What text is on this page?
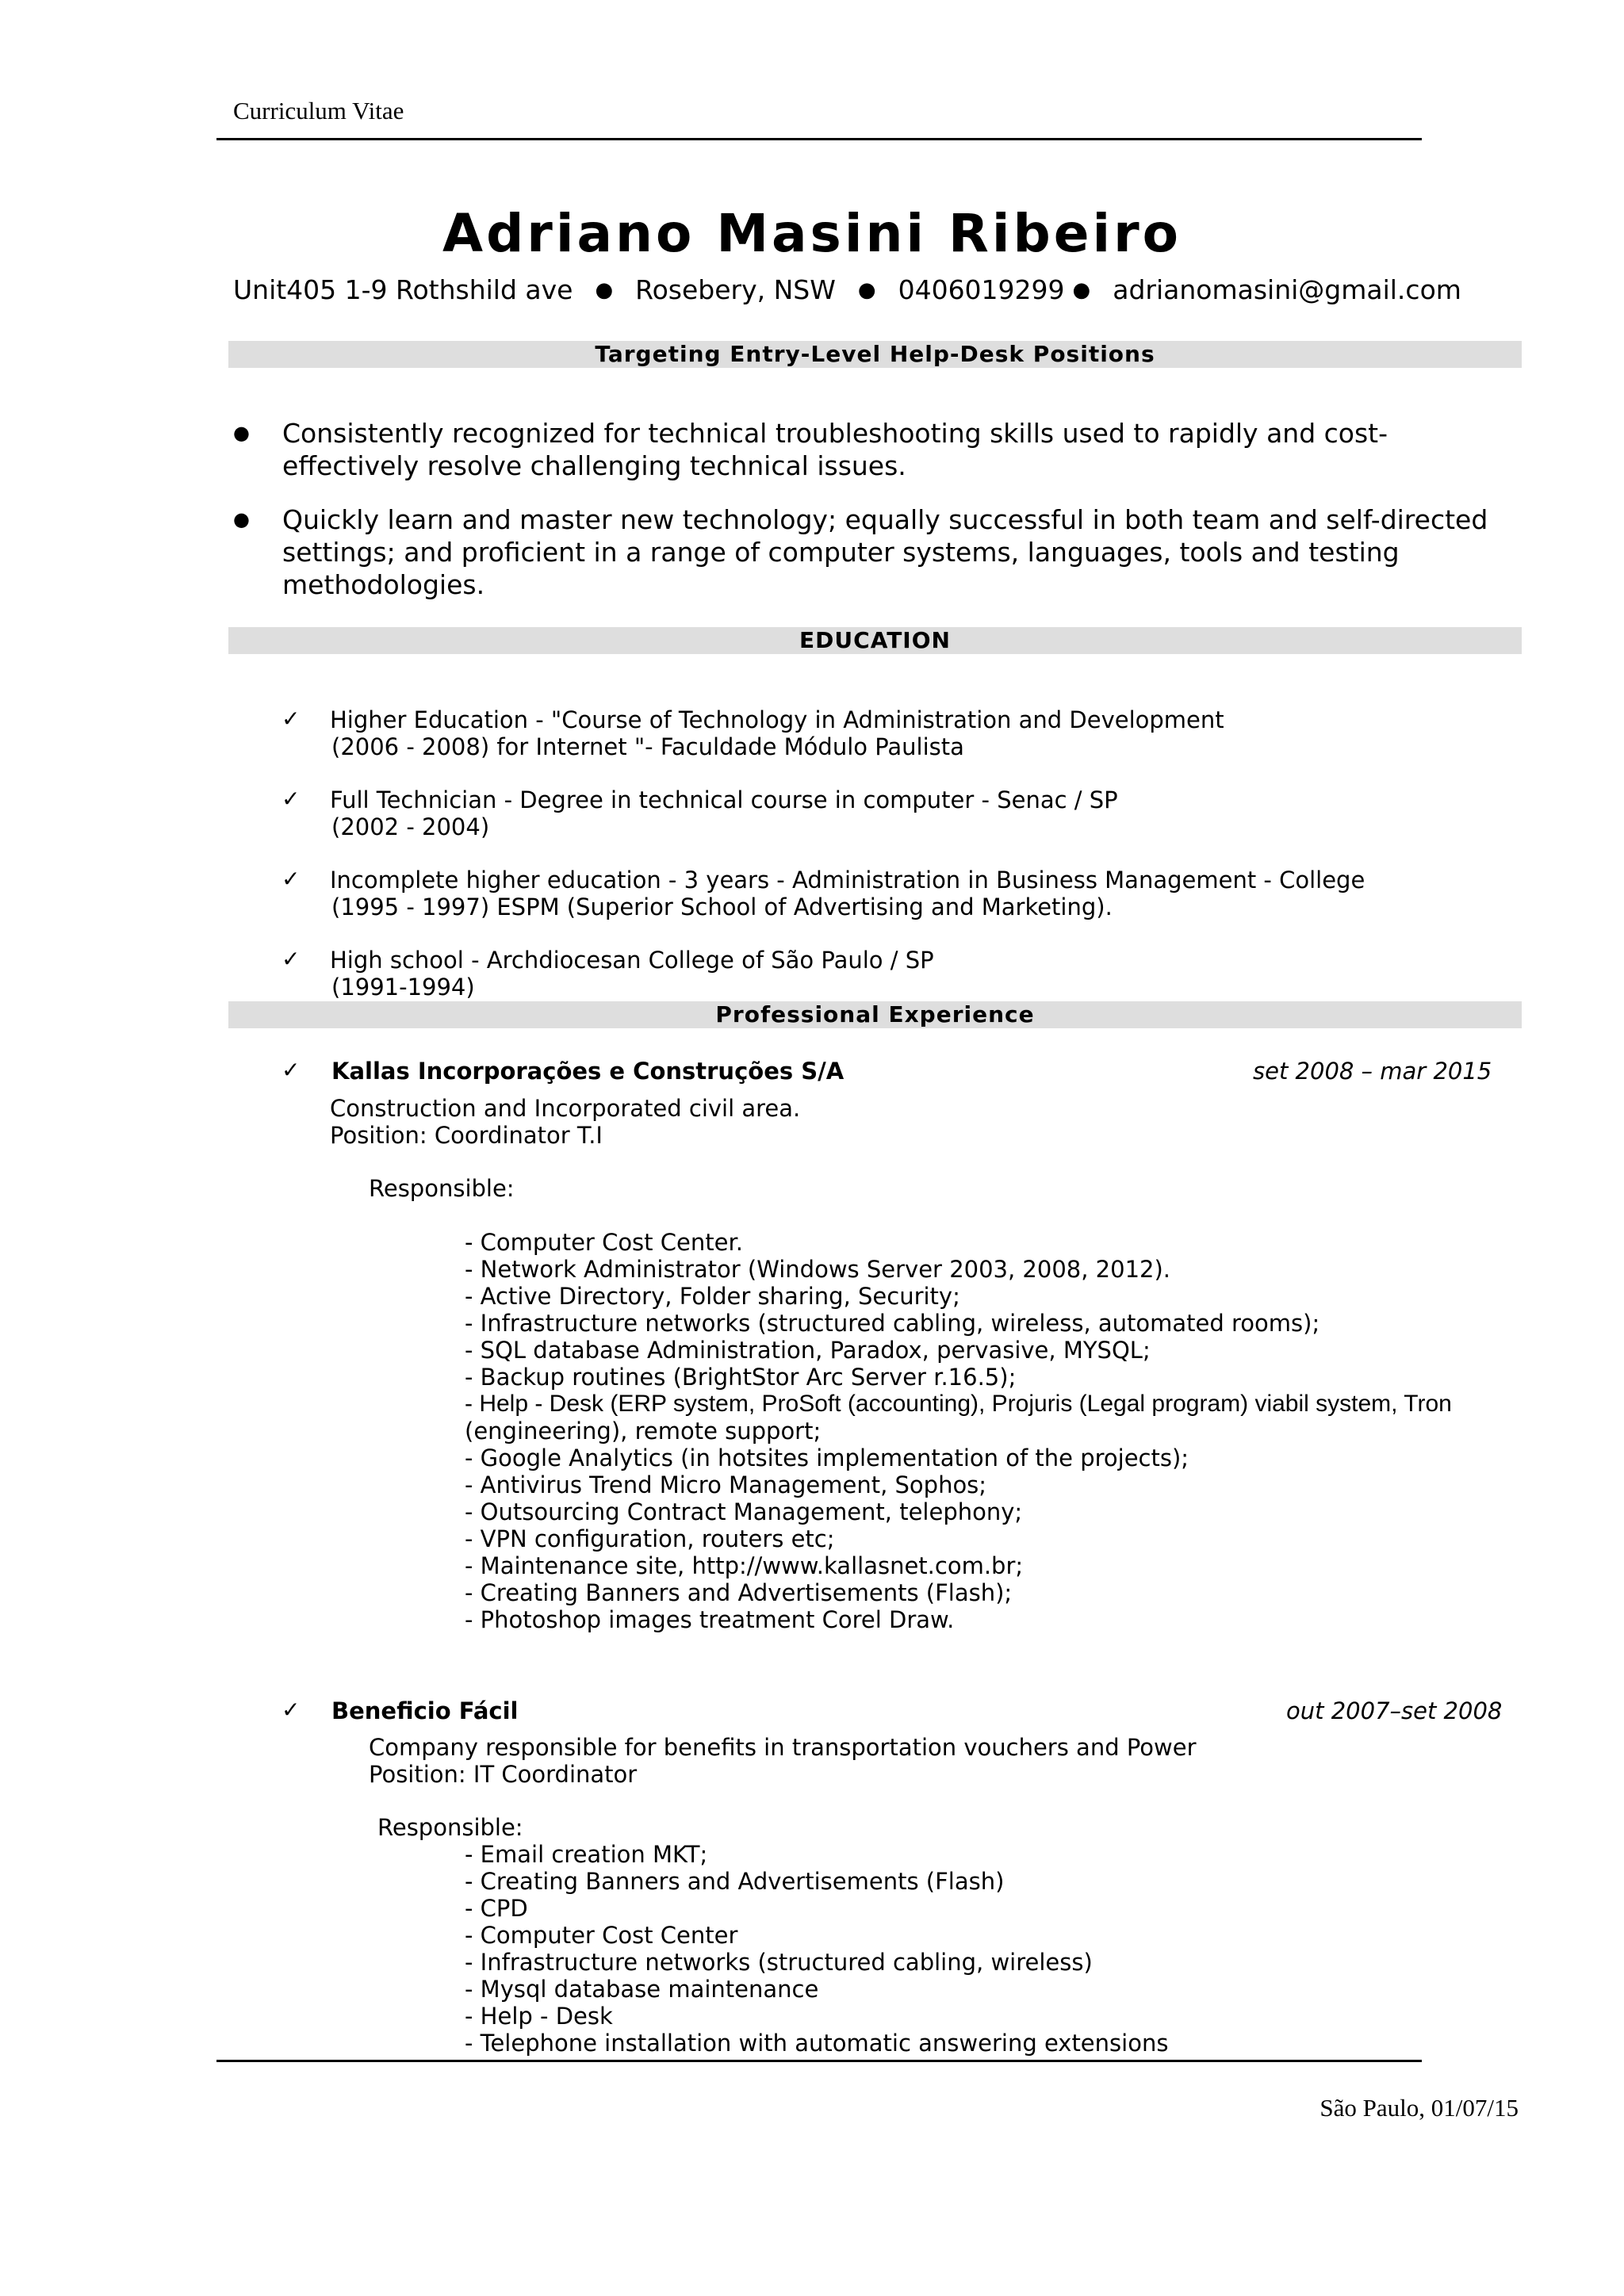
Curriculum Vitae
Adriano Masini Ribeiro
Unit405 1-9 Rothshild ave ● Rosebery, NSW ● 0406019299 ● adrianomasini@gmail.com
Targeting Entry-Level Help-Desk Positions
● Consistently recognized for technical troubleshooting skills used to rapidly and cost-effectively resolve challenging technical issues.
● Quickly learn and master new technology; equally successful in both team and self-directed settings; and proficient in a range of computer systems, languages, tools and testing methodologies.
EDUCATION
✓ Higher Education - "Course of Technology in Administration and Development
(2006 - 2008) for Internet "- Faculdade Módulo Paulista
✓ Full Technician - Degree in technical course in computer - Senac / SP
(2002 - 2004)
✓ Incomplete higher education - 3 years - Administration in Business Management - College
(1995 - 1997) ESPM (Superior School of Advertising and Marketing).
✓ High school - Archdiocesan College of São Paulo / SP
(1991-1994)
Professional Experience
✓ Kallas Incorporações e Construções S/A	set 2008 – mar 2015
Construction and Incorporated civil area.
Position: Coordinator T.I
Responsible:
- Computer Cost Center.
- Network Administrator (Windows Server 2003, 2008, 2012).
- Active Directory, Folder sharing, Security;
- Infrastructure networks (structured cabling, wireless, automated rooms);
- SQL database Administration, Paradox, pervasive, MYSQL;
- Backup routines (BrightStor Arc Server r.16.5);
- Help - Desk (ERP system, ProSoft (accounting), Projuris (Legal program) viabil system, Tron
(engineering), remote support;
- Google Analytics (in hotsites implementation of the projects);
- Antivirus Trend Micro Management, Sophos;
- Outsourcing Contract Management, telephony;
- VPN configuration, routers etc;
- Maintenance site, http://www.kallasnet.com.br;
- Creating Banners and Advertisements (Flash);
- Photoshop images treatment Corel Draw.
✓ Beneficio Fácil	out 2007–set 2008
Company responsible for benefits in transportation vouchers and Power
Position: IT Coordinator
Responsible:
- Email creation MKT;
- Creating Banners and Advertisements (Flash)
- CPD
- Computer Cost Center
- Infrastructure networks (structured cabling, wireless)
- Mysql database maintenance
- Help - Desk
- Telephone installation with automatic answering extensions
São Paulo, 01/07/15
